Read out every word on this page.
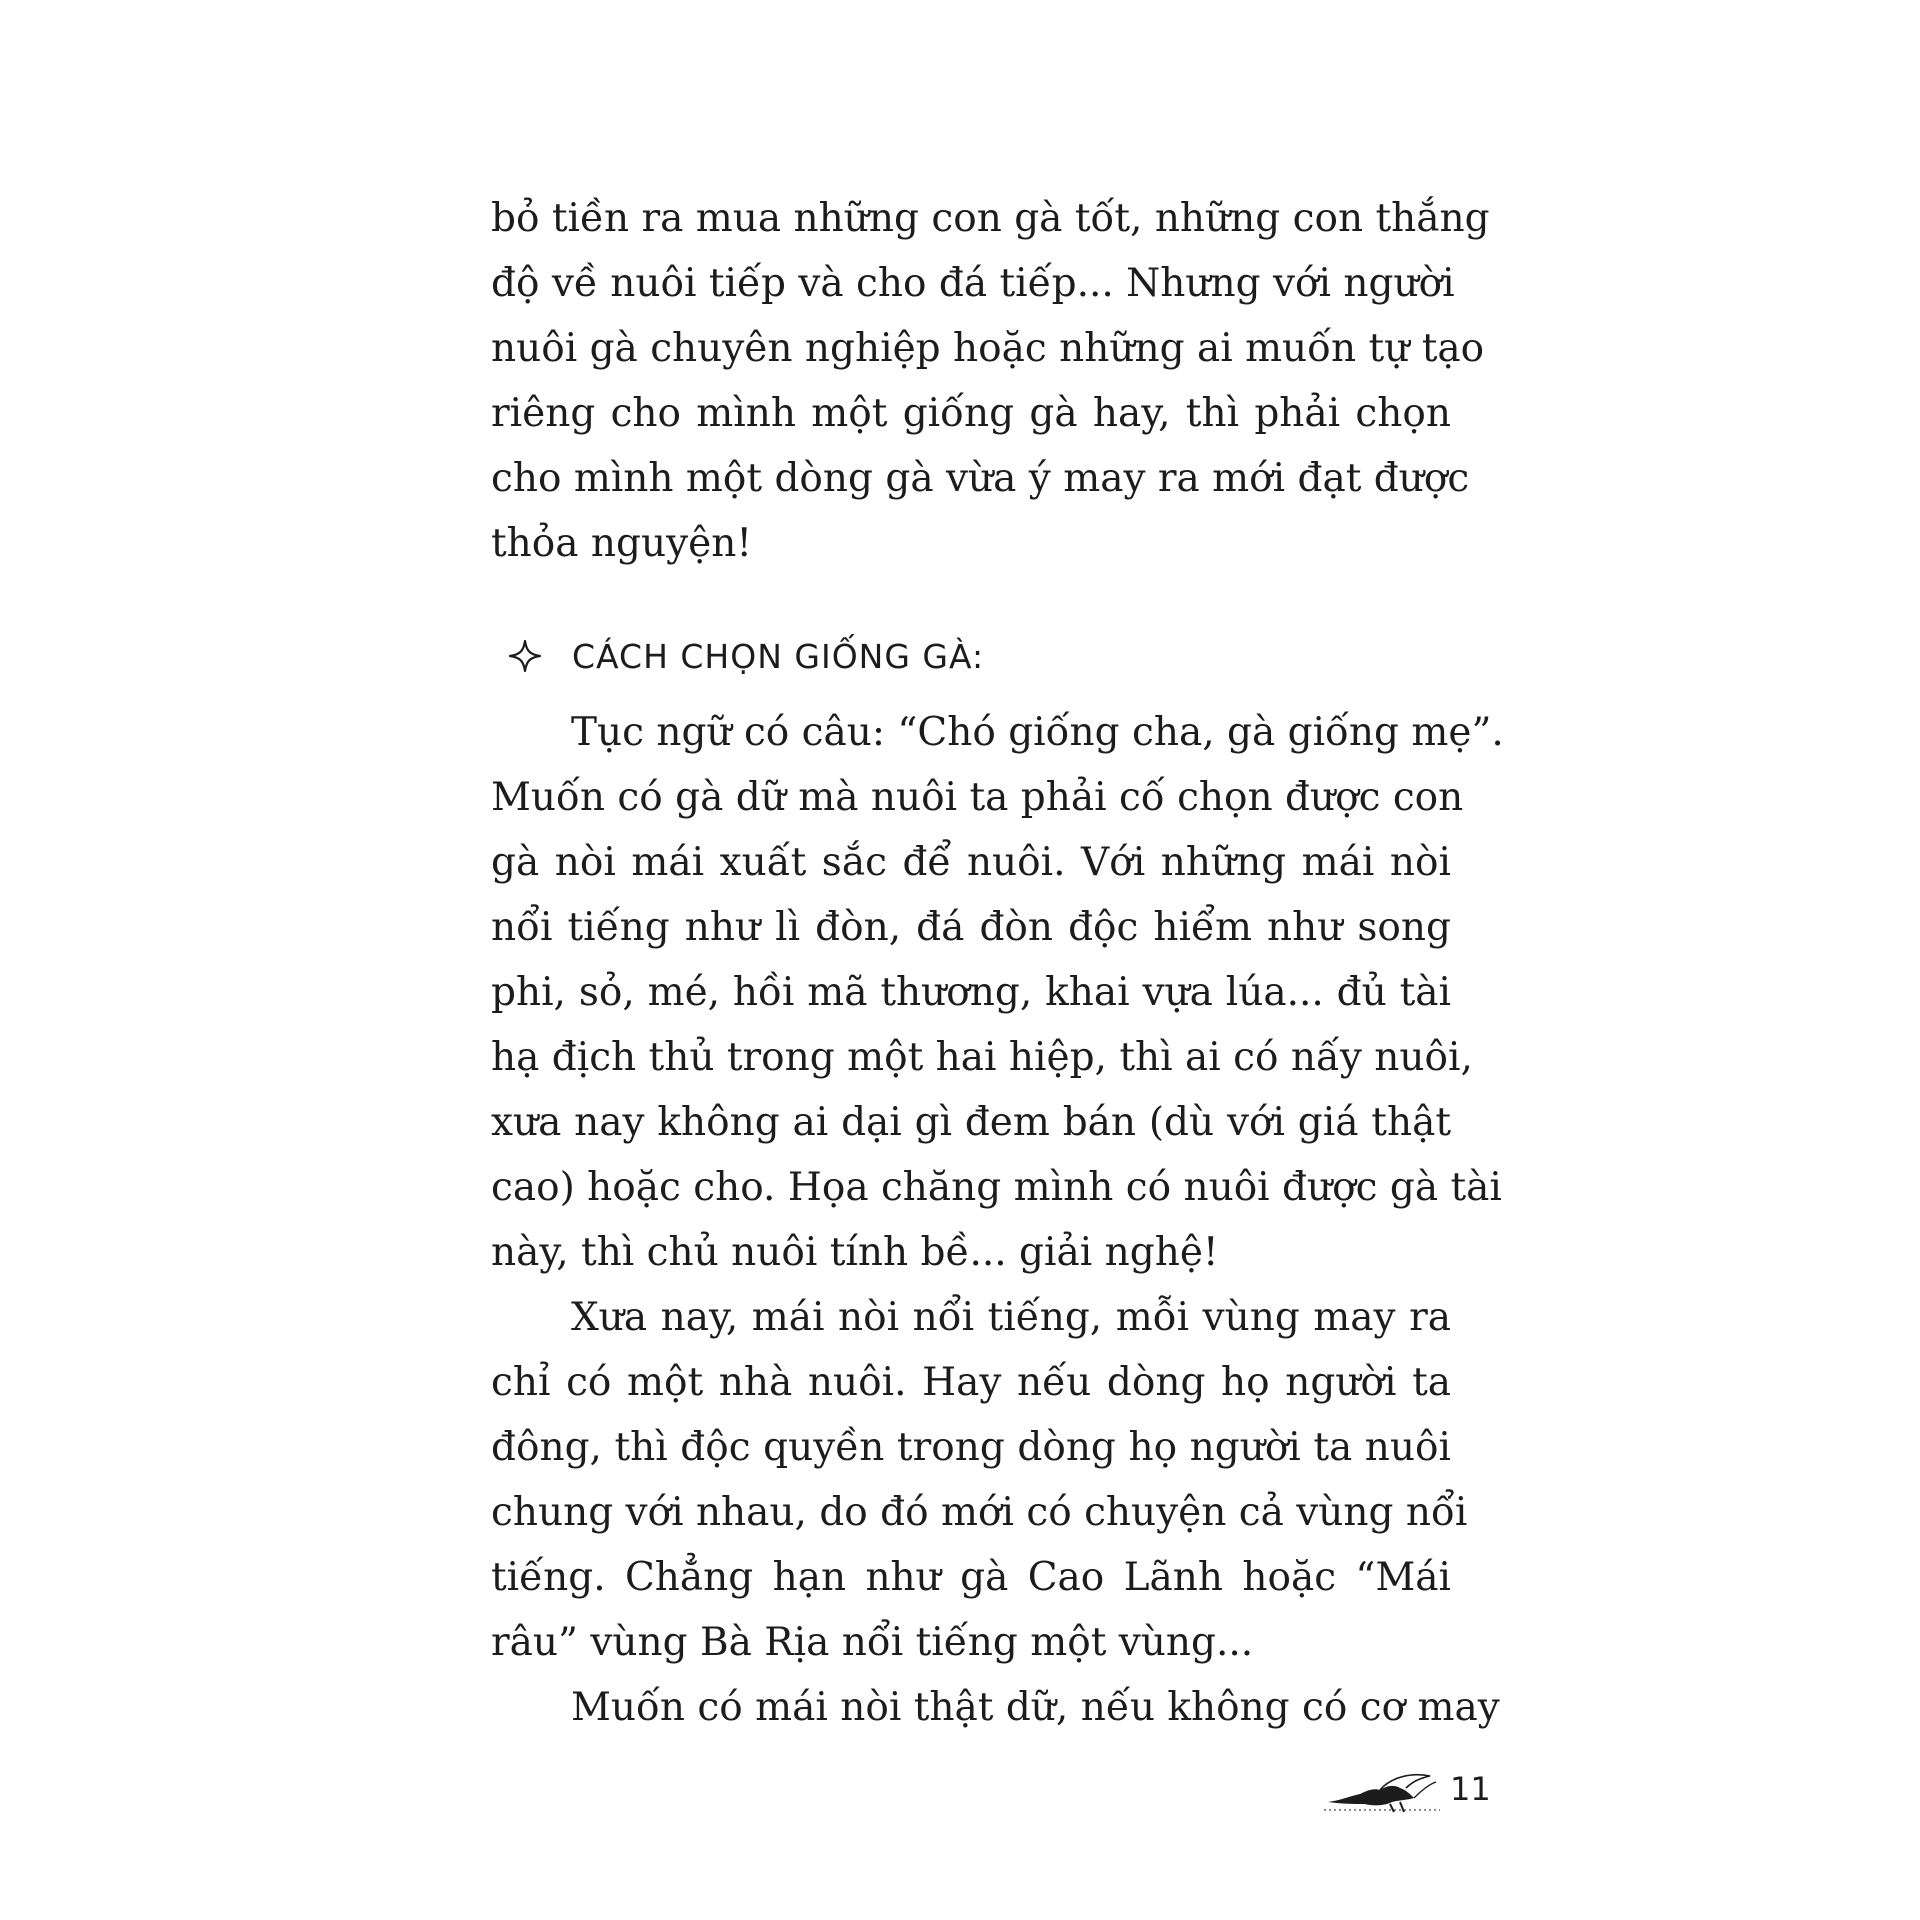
bỏ tiền ra mua những con gà tốt, những con thắng
độ về nuôi tiếp và cho đá tiếp... Nhưng với người
nuôi gà chuyên nghiệp hoặc những ai muốn tự tạo
riêng cho mình một giống gà hay, thì phải chọn
cho mình một dòng gà vừa ý may ra mới đạt được
thỏa nguyện!
CÁCH CHỌN GIỐNG GÀ:
Tục ngữ có câu: “Chó giống cha, gà giống mẹ”.
Muốn có gà dữ mà nuôi ta phải cố chọn được con
gà nòi mái xuất sắc để nuôi. Với những mái nòi
nổi tiếng như lì đòn, đá đòn độc hiểm như song
phi, sỏ, mé, hồi mã thương, khai vựa lúa... đủ tài
hạ địch thủ trong một hai hiệp, thì ai có nấy nuôi,
xưa nay không ai dại gì đem bán (dù với giá thật
cao) hoặc cho. Họa chăng mình có nuôi được gà tài
này, thì chủ nuôi tính bề... giải nghệ!
Xưa nay, mái nòi nổi tiếng, mỗi vùng may ra
chỉ có một nhà nuôi. Hay nếu dòng họ người ta
đông, thì độc quyền trong dòng họ người ta nuôi
chung với nhau, do đó mới có chuyện cả vùng nổi
tiếng. Chẳng hạn như gà Cao Lãnh hoặc “Mái
râu” vùng Bà Rịa nổi tiếng một vùng...
Muốn có mái nòi thật dữ, nếu không có cơ may
11
